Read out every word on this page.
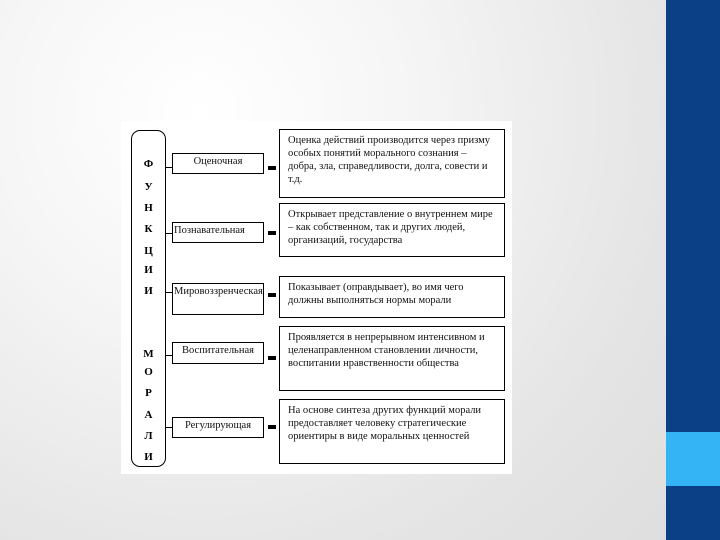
Ф
У
Н
К
Ц
И
И
М
О
Р
А
Л
И
Оценочная
Оценка действий производится через призму особых понятий морального сознания – добра, зла, справедливости, долга, совести и т.д.
Познавательная
Открывает представление о внутреннем мире – как собственном, так и других людей, организаций, государства
Мировоззренческая	Показывает (оправдывает), во имя чего должны выполняться нормы морали
Воспитательная
Проявляется в непрерывном интенсивном и целенаправленном становлении личности, воспитании нравственности общества
Регулирующая
На основе синтеза других функций морали предоставляет человеку стратегические ориентиры в виде моральных ценностей
